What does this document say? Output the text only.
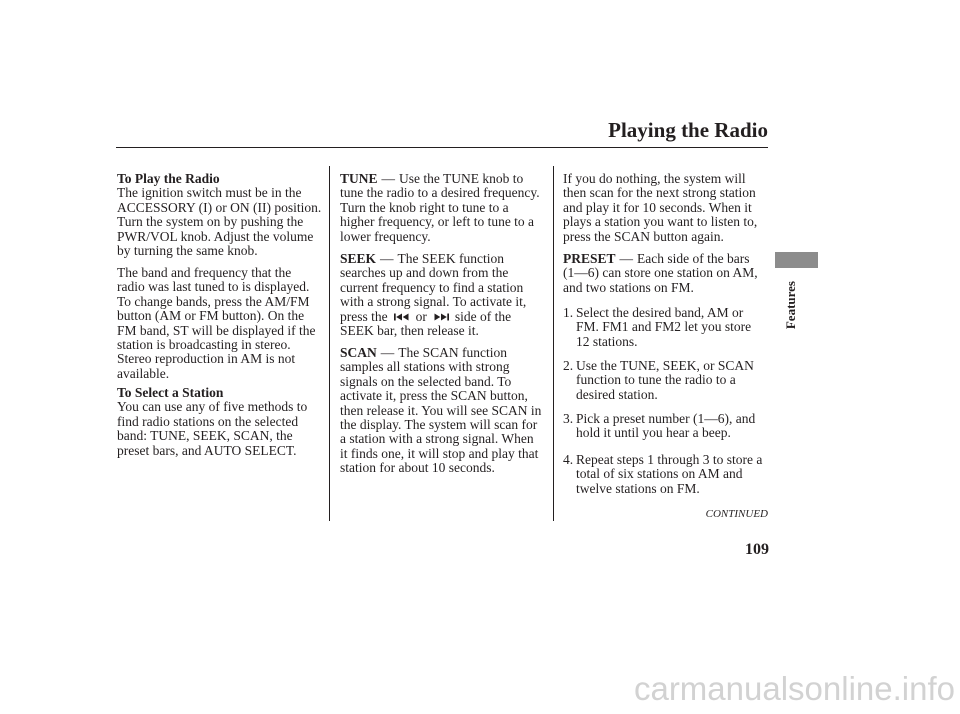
Playing the Radio
To Play the Radio
The ignition switch must be in the
ACCESSORY (I) or ON (II) position.
Turn the system on by pushing the
PWR/VOL knob. Adjust the volume
by turning the same knob.
The band and frequency that the
radio was last tuned to is displayed.
To change bands, press the AM/FM
button (AM or FM button). On the
FM band, ST will be displayed if the
station is broadcasting in stereo.
Stereo reproduction in AM is not
available.
To Select a Station
You can use any of five methods to
find radio stations on the selected
band: TUNE, SEEK, SCAN, the
preset bars, and AUTO SELECT.
TUNE — Use the TUNE knob to
tune the radio to a desired frequency.
Turn the knob right to tune to a
higher frequency, or left to tune to a
lower frequency.
SEEK — The SEEK function
searches up and down from the
current frequency to find a station
with a strong signal. To activate it,
press the or side of the
SEEK bar, then release it.
SCAN — The SCAN function
samples all stations with strong
signals on the selected band. To
activate it, press the SCAN button,
then release it. You will see SCAN in
the display. The system will scan for
a station with a strong signal. When
it finds one, it will stop and play that
station for about 10 seconds.
If you do nothing, the system will
then scan for the next strong station
and play it for 10 seconds. When it
plays a station you want to listen to,
press the SCAN button again.
PRESET — Each side of the bars
(1—6) can store one station on AM,
and two stations on FM.
1. Select the desired band, AM or
FM. FM1 and FM2 let you store
12 stations.
2. Use the TUNE, SEEK, or SCAN
function to tune the radio to a
desired station.
3. Pick a preset number (1—6), and
hold it until you hear a beep.
4. Repeat steps 1 through 3 to store a
total of six stations on AM and
twelve stations on FM.
Features
CONTINUED
109
carmanualsonline.info
